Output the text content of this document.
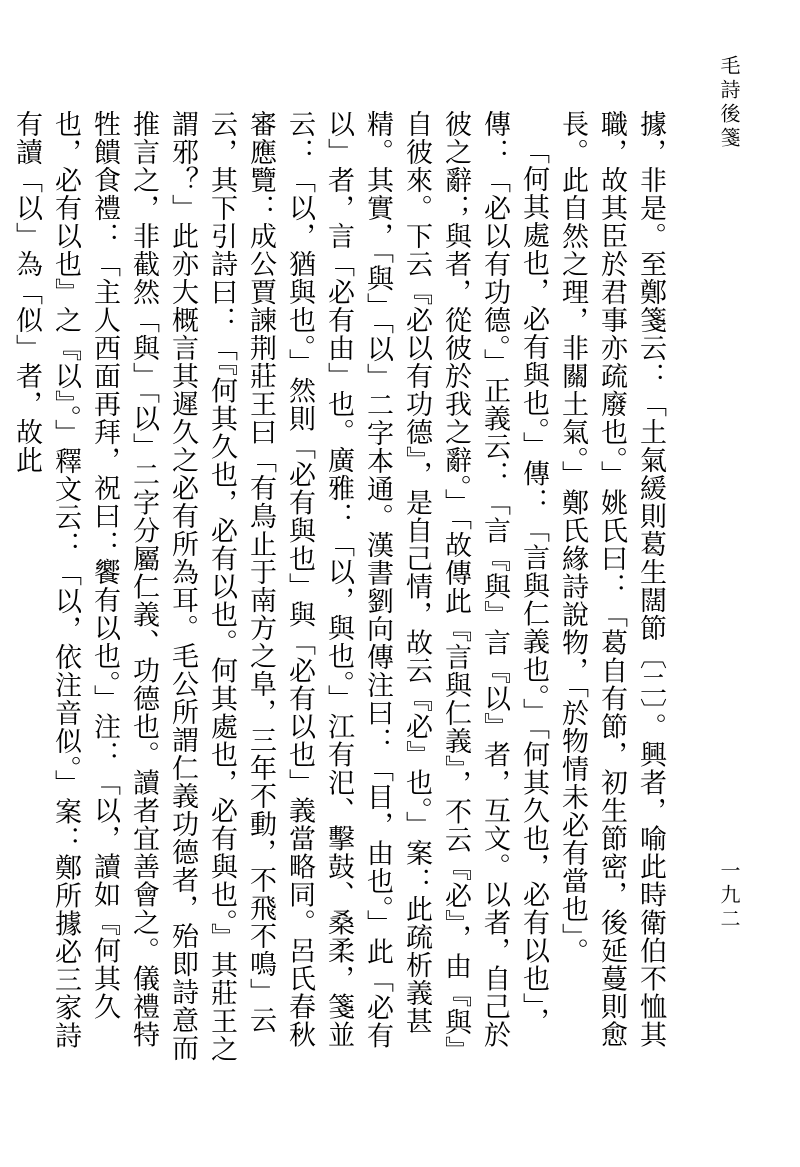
毛詩後箋
一九二

據，非是。至鄭箋云：「土氣緩則葛生闊節〔二〕。興者，喻此時衛伯不恤其職，故其臣於君事亦疏廢也。」姚氏曰：「葛自有節，初生節密，後延蔓則愈長。此自然之理，非關土氣。」鄭氏緣詩說物，「於物情未必有當也」。

「何其處也，必有與也。」傳：「言與仁義也。」「何其久也，必有以也」，傳：「必以有功德。」正義云：「言『與』言『以』者，互文。以者，自己於彼之辭；與者，從彼於我之辭。」「故傳此『言與仁義』，不云『必』，由『與』自彼來。下云『必以有功德』，是自己情，故云『必』也。」案：此疏析義甚精。其實，「與」「以」二字本通。漢書劉向傳注曰：「目，由也。」此「必有以」者，言「必有由」也。廣雅：「以，與也。」江有汜、擊鼓、桑柔，箋並云：「以，猶與也。」然則「必有與也」與「必有以也」義當略同。呂氏春秋審應覽：成公賈諫荆莊王曰「有鳥止于南方之阜，三年不動，不飛不鳴」云云，其下引詩曰：「『何其久也，必有以也。何其處也，必有與也。』其莊王之謂邪？」此亦大概言其遲久之必有所為耳。毛公所謂仁義功德者，殆即詩意而推言之，非截然「與」「以」二字分屬仁義、功德也。讀者宜善會之。儀禮特牲饋食禮：「主人西面再拜，祝曰：饗有以也。」注：「以，讀如『何其久也，必有以也』之『以』。」釋文云：「以，依注音似。」案：鄭所據必三家詩有讀「以」為「似」者，故此
